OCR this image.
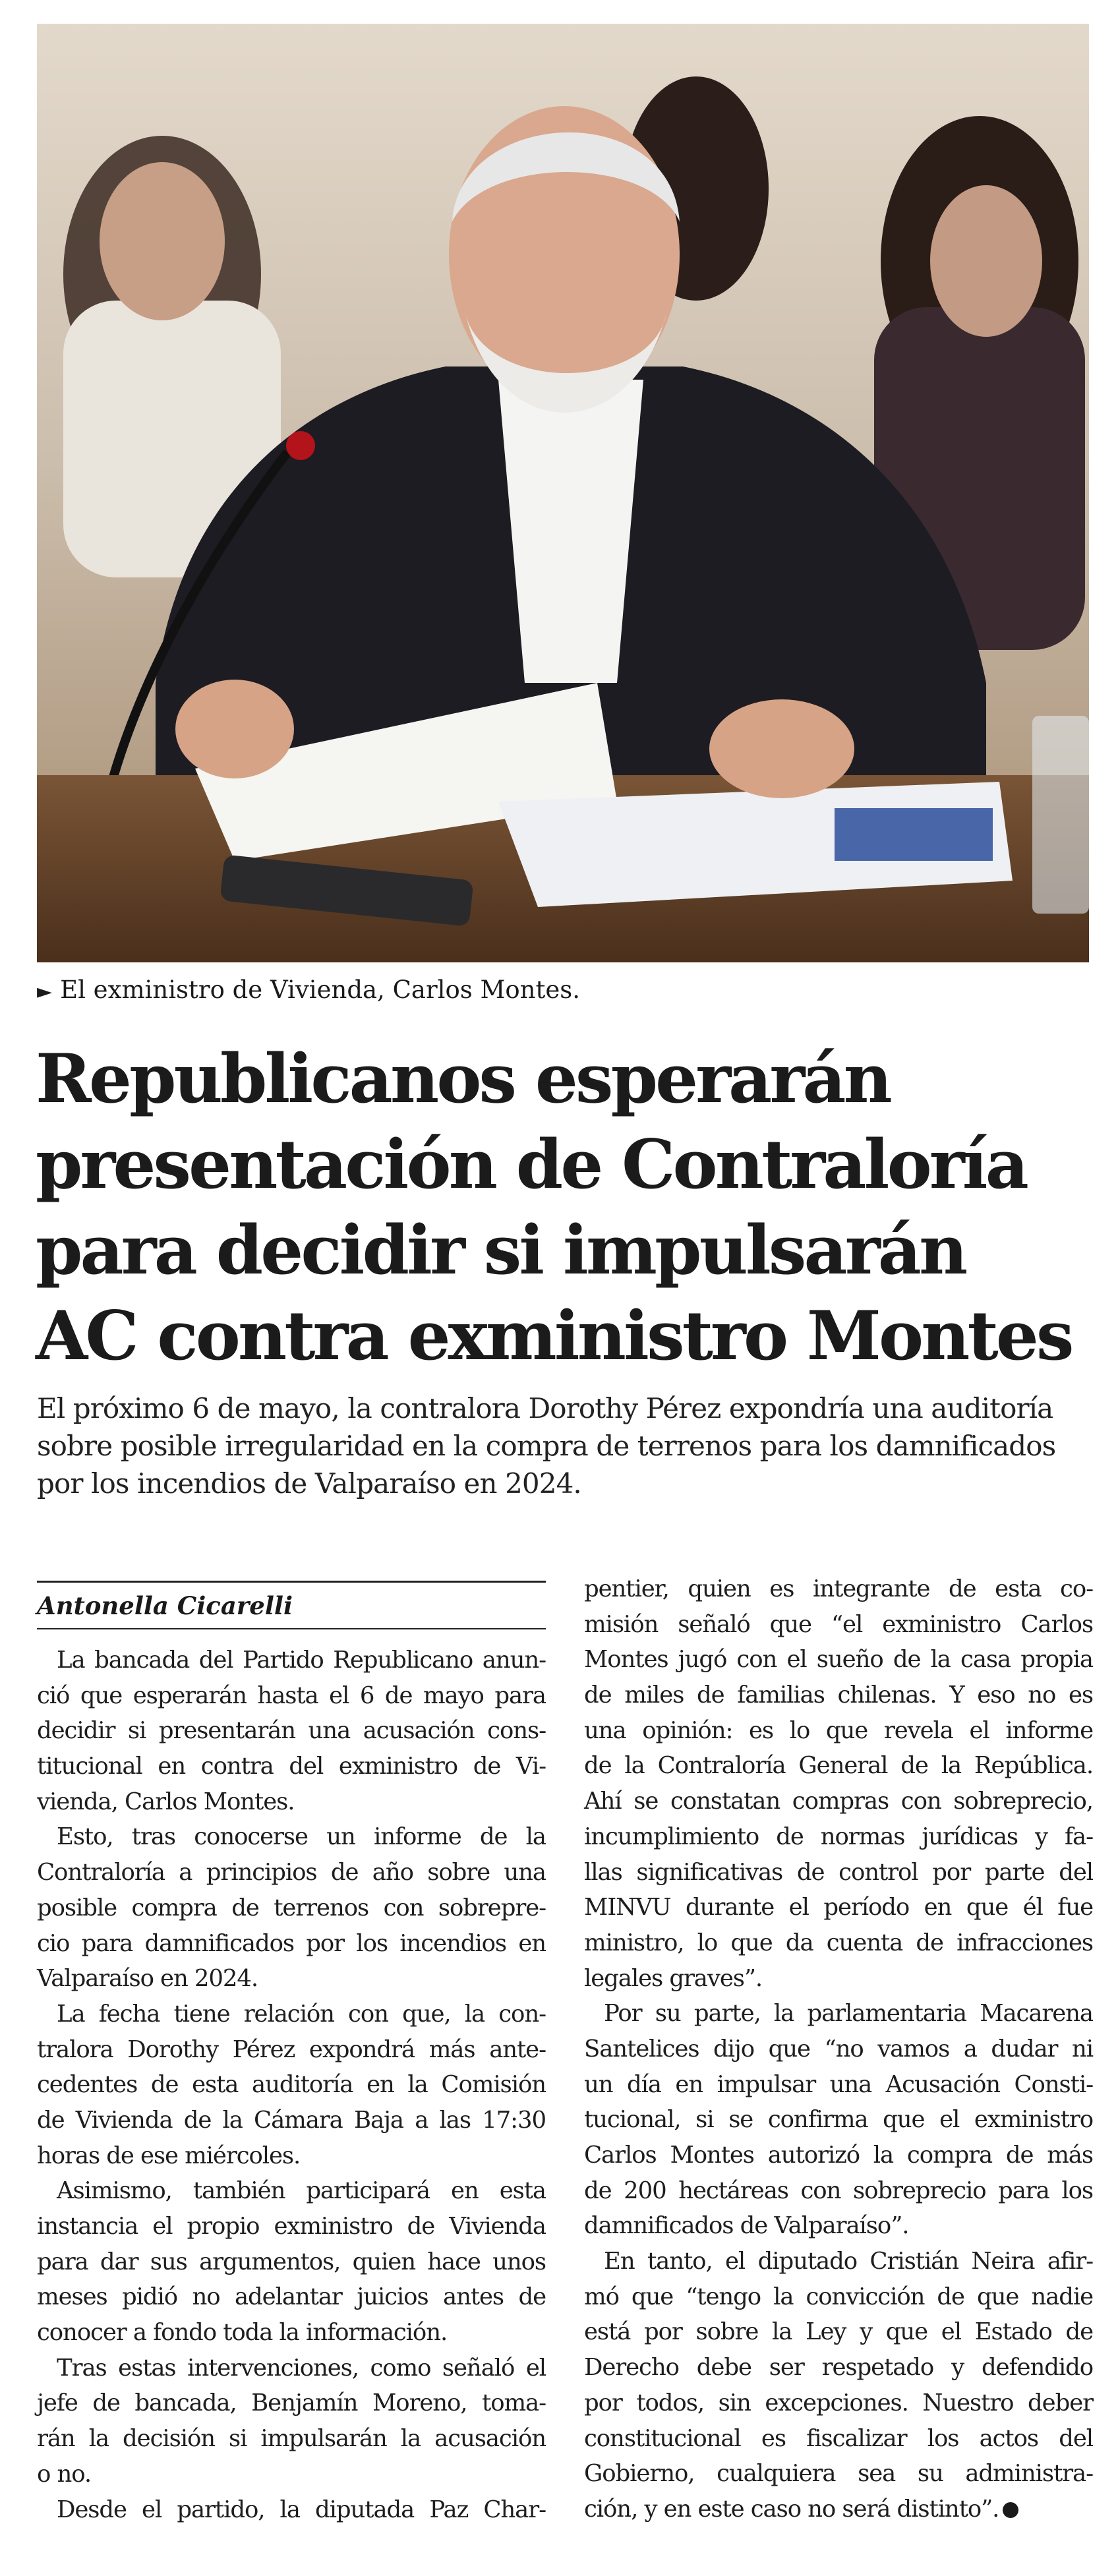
► El exministro de Vivienda, Carlos Montes.
Republicanos esperarán
presentación de Contraloría
para decidir si impulsarán
AC contra exministro Montes
El próximo 6 de mayo, la contralora Dorothy Pérez expondría una auditoría
sobre posible irregularidad en la compra de terrenos para los damnificados
por los incendios de Valparaíso en 2024.
Antonella Cicarelli
La bancada del Partido Republicano anun-
ció que esperarán hasta el 6 de mayo para
decidir si presentarán una acusación cons-
titucional en contra del exministro de Vi-
vienda, Carlos Montes.
Esto, tras conocerse un informe de la
Contraloría a principios de año sobre una
posible compra de terrenos con sobrepre-
cio para damnificados por los incendios en
Valparaíso en 2024.
La fecha tiene relación con que, la con-
tralora Dorothy Pérez expondrá más ante-
cedentes de esta auditoría en la Comisión
de Vivienda de la Cámara Baja a las 17:30
horas de ese miércoles.
Asimismo, también participará en esta
instancia el propio exministro de Vivienda
para dar sus argumentos, quien hace unos
meses pidió no adelantar juicios antes de
conocer a fondo toda la información.
Tras estas intervenciones, como señaló el
jefe de bancada, Benjamín Moreno, toma-
rán la decisión si impulsarán la acusación
o no.
Desde el partido, la diputada Paz Char-
pentier, quien es integrante de esta co-
misión señaló que “el exministro Carlos
Montes jugó con el sueño de la casa propia
de miles de familias chilenas. Y eso no es
una opinión: es lo que revela el informe
de la Contraloría General de la República.
Ahí se constatan compras con sobreprecio,
incumplimiento de normas jurídicas y fa-
llas significativas de control por parte del
MINVU durante el período en que él fue
ministro, lo que da cuenta de infracciones
legales graves”.
Por su parte, la parlamentaria Macarena
Santelices dijo que “no vamos a dudar ni
un día en impulsar una Acusación Consti-
tucional, si se confirma que el exministro
Carlos Montes autorizó la compra de más
de 200 hectáreas con sobreprecio para los
damnificados de Valparaíso”.
En tanto, el diputado Cristián Neira afir-
mó que “tengo la convicción de que nadie
está por sobre la Ley y que el Estado de
Derecho debe ser respetado y defendido
por todos, sin excepciones. Nuestro deber
constitucional es fiscalizar los actos del
Gobierno, cualquiera sea su administra-
ción, y en este caso no será distinto”.
